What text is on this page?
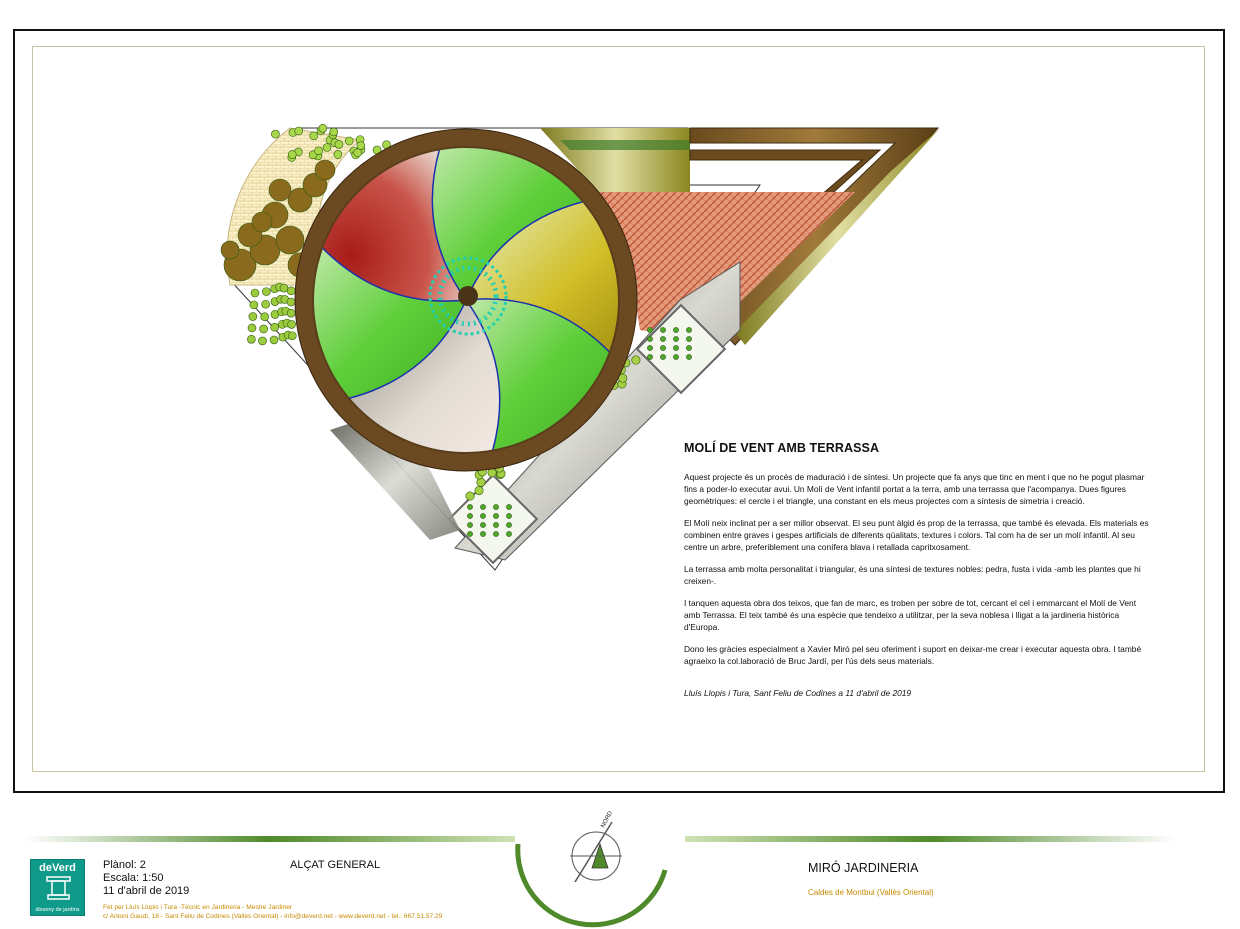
MOLÍ DE VENT AMB TERRASSA

Aquest projecte és un procés de maduració i de síntesi. Un projecte que fa anys que tinc en ment i que no he pogut plasmar fins a poder-lo executar avui. Un Molí de Vent infantil portat a la terra, amb una terrassa que l'acompanya. Dues figures geomètriques: el cercle i el triangle, una constant en els meus projectes com a síntesis de simetria i creació.

El Molí neix inclinat per a ser millor observat. El seu punt àlgid és prop de la terrassa, que també és elevada. Els materials es combinen entre graves i gespes artificials de diferents qüalitats, textures i colors. Tal com ha de ser un molí infantil. Al seu centre un arbre, preferiblement una conífera blava i retallada capritxosament.

La terrassa amb molta personalitat i triangular, és una síntesi de textures nobles: pedra, fusta i vida -amb les plantes que hi creixen-.

I tanquen aquesta obra dos teixos, que fan de marc, es troben per sobre de tot, cercant el cel i emmarcant el Molí de Vent amb Terrassa. El teix també és una espècie que tendeixo a utilitzar, per la seva noblesa i lligat a la jardineria històrica d'Europa.

Dono les gràcies especialment a Xavier Miró pel seu oferiment i suport en deixar-me crear i executar aquesta obra. I també agraeixo la col.laboració de Bruc Jardí, per l'ús dels seus materials.

Lluís Llopis i Tura, Sant Feliu de Codines a 11 d'abril de 2019

NORD
deVerd
disseny de jardins
Plànol: 2
Escala: 1:50
11 d'abril de 2019
ALÇAT GENERAL
Fet per Lluís Llopis i Tura -Tècnic en Jardineria - Mestre Jardiner
c/ Antoni Gaudí, 16 - Sant Feliu de Codines (Vallès Oriental) - info@deverd.net - www.deverd.net - tel.: 667.51.57.29
MIRÓ JARDINERIA
Caldes de Montbui (Vallès Oriental)
